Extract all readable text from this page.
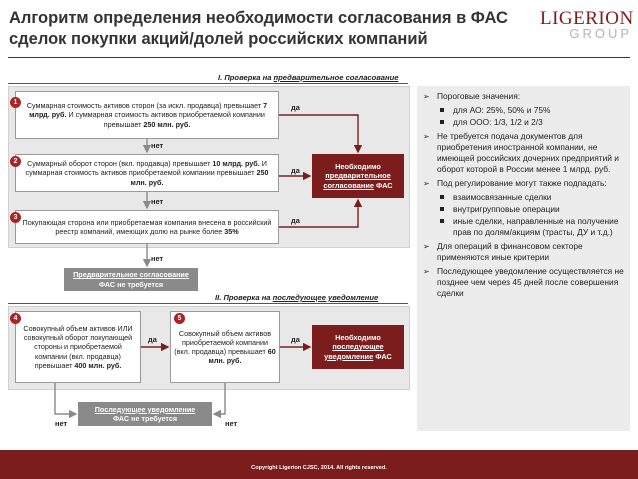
Алгоритм определения необходимости согласования в ФАС сделок покупки акций/долей российских компаний
LIGERION
GROUP
I. Проверка на предварительное согласование
Суммарная стоимость активов сторон (за искл. продавца) превышает 7 млрд. руб. И суммарная стоимость активов приобретаемой компании превышает 250 млн. руб.
1
Суммарный оборот сторон (вкл. продавца) превышает 10 млрд. руб. И суммарная стоимость активов приобретаемой компании превышает 250 млн. руб.
2
Покупающая сторона или приобретаемая компания внесена в российский реестр компаний, имеющих долю на рынке более 35%
3
Необходимо
предварительное
согласование ФАС
да
да
да
нет
нет
нет
Предварительное согласование
ФАС не требуется
II. Проверка на последующее уведомление
Совокупный объем активов ИЛИ совокупный оборот покупающей стороны и приобретаемой компании (вкл. продавца) превышает 400 млн. руб.
4
Совокупный объем активов приобретаемой компании (вкл. продавца) превышает 60 млн. руб.
5
Необходимо
последующее
уведомление ФАС
да	да
нет	нет
Последующее уведомление
ФАС не требуется
➢ Пороговые значения:
для АО: 25%, 50% и 75%
для ООО: 1/3, 1/2 и 2/3
➢ Не требуется подача документов для приобретения иностранной компании, не имеющей российских дочерних предприятий и оборот которой в России менее 1 млрд. руб.
➢ Под регулирование могут также подпадать:
взаимосвязанные сделки
внутригрупповые операции
иные сделки, направленные на получение прав по долям/акциям (трасты, ДУ и т.д.)
➢ Для операций в финансовом секторе применяются иные критерии
➢ Последующее уведомление осуществляется не позднее чем через 45 дней после совершения сделки
Copyright Ligerion CJSC, 2014. All rights reserved.
